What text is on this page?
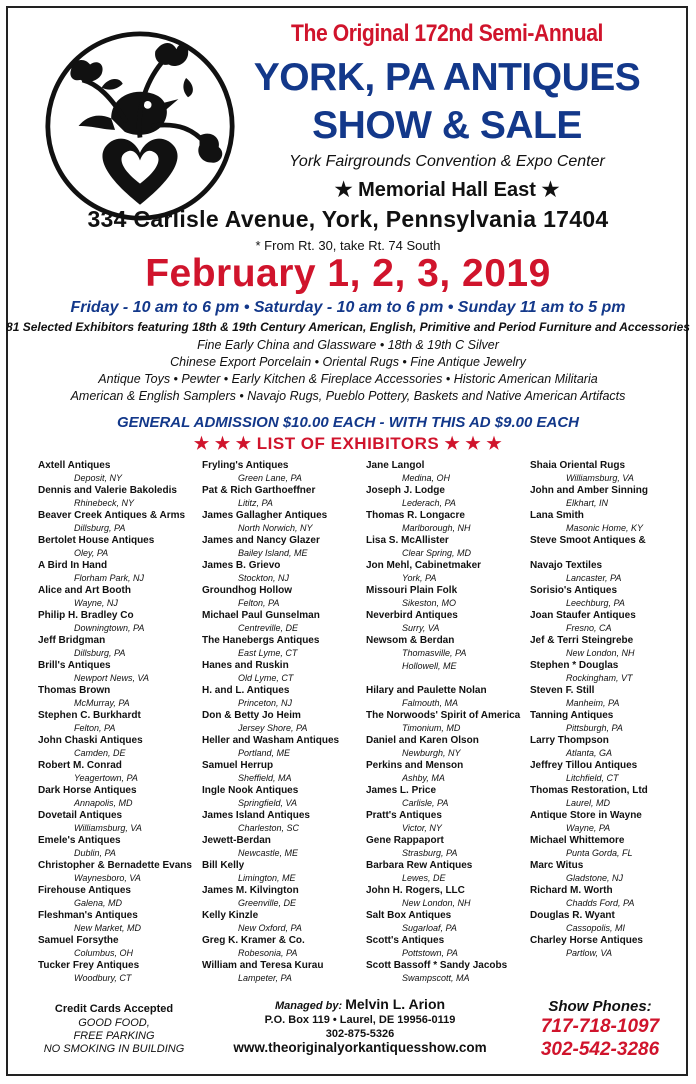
The Original 172nd Semi-Annual
YORK, PA ANTIQUES
SHOW & SALE
York Fairgrounds Convention & Expo Center
★ Memorial Hall East ★
334 Carlisle Avenue, York, Pennsylvania 17404
* From Rt. 30, take Rt. 74 South
February 1, 2, 3, 2019
Friday - 10 am to 6 pm • Saturday - 10 am to 6 pm • Sunday 11 am to 5 pm
81 Selected Exhibitors featuring 18th & 19th Century American, English, Primitive and Period Furniture and Accessories
Fine Early China and Glassware • 18th & 19th C Silver
Chinese Export Porcelain • Oriental Rugs • Fine Antique Jewelry
Antique Toys • Pewter • Early Kitchen & Fireplace Accessories • Historic American Militaria
American & English Samplers • Navajo Rugs, Pueblo Pottery, Baskets and Native American Artifacts
GENERAL ADMISSION $10.00 EACH - WITH THIS AD $9.00 EACH
★ ★ ★ LIST OF EXHIBITORS ★ ★ ★
Axtell Antiques
Deposit, NY
Dennis and Valerie Bakoledis
Rhinebeck, NY
Beaver Creek Antiques & Arms
Dillsburg, PA
Bertolet House Antiques
Oley, PA
A Bird In Hand
Florham Park, NJ
Alice and Art Booth
Wayne, NJ
Philip H. Bradley Co
Downingtown, PA
Jeff Bridgman
Dillsburg, PA
Brill's Antiques
Newport News, VA
Thomas Brown
McMurray, PA
Stephen C. Burkhardt
Felton, PA
John Chaski Antiques
Camden, DE
Robert M. Conrad
Yeagertown, PA
Dark Horse Antiques
Annapolis, MD
Dovetail Antiques
Williamsburg, VA
Emele's Antiques
Dublin, PA
Christopher & Bernadette Evans
Waynesboro, VA
Firehouse Antiques
Galena, MD
Fleshman's Antiques
New Market, MD
Samuel Forsythe
Columbus, OH
Tucker Frey Antiques
Woodbury, CT
Fryling's Antiques
Green Lane, PA
Pat & Rich Garthoeffner
Lititz, PA
James Gallagher Antiques
North Norwich, NY
James and Nancy Glazer
Bailey Island, ME
James B. Grievo
Stockton, NJ
Groundhog Hollow
Felton, PA
Michael Paul Gunselman
Centreville, DE
The Hanebergs Antiques
East Lyme, CT
Hanes and Ruskin
Old Lyme, CT
H. and L. Antiques
Princeton, NJ
Don & Betty Jo Heim
Jersey Shore, PA
Heller and Washam Antiques
Portland, ME
Samuel Herrup
Sheffield, MA
Ingle Nook Antiques
Springfield, VA
James Island Antiques
Charleston, SC
Jewett-Berdan
Newcastle, ME
Bill Kelly
Limington, ME
James M. Kilvington
Greenville, DE
Kelly Kinzle
New Oxford, PA
Greg K. Kramer & Co.
Robesonia, PA
William and Teresa Kurau
Lampeter, PA
Jane Langol
Medina, OH
Joseph J. Lodge
Lederach, PA
Thomas R. Longacre
Marlborough, NH
Lisa S. McAllister
Clear Spring, MD
Jon Mehl, Cabinetmaker
York, PA
Missouri Plain Folk
Sikeston, MO
Neverbird Antiques
Surry, VA
Newsom & Berdan
Thomasville, PA
Hollowell, ME
Hilary and Paulette Nolan
Falmouth, MA
The Norwoods' Spirit of America
Timonium, MD
Daniel and Karen Olson
Newburgh, NY
Perkins and Menson
Ashby, MA
James L. Price
Carlisle, PA
Pratt's Antiques
Victor, NY
Gene Rappaport
Strasburg, PA
Barbara Rew Antiques
Lewes, DE
John H. Rogers, LLC
New London, NH
Salt Box Antiques
Sugarloaf, PA
Scott's Antiques
Pottstown, PA
Scott Bassoff * Sandy Jacobs
Swampscott, MA
Shaia Oriental Rugs
Williamsburg, VA
John and Amber Sinning
Elkhart, IN
Lana Smith
Masonic Home, KY
Steve Smoot Antiques &
Navajo Textiles
Lancaster, PA
Sorisio's Antiques
Leechburg, PA
Joan Staufer Antiques
Fresno, CA
Jef & Terri Steingrebe
New London, NH
Stephen * Douglas
Rockingham, VT
Steven F. Still
Manheim, PA
Tanning Antiques
Pittsburgh, PA
Larry Thompson
Atlanta, GA
Jeffrey Tillou Antiques
Litchfield, CT
Thomas Restoration, Ltd
Laurel, MD
Antique Store in Wayne
Wayne, PA
Michael Whittemore
Punta Gorda, FL
Marc Witus
Gladstone, NJ
Richard M. Worth
Chadds Ford, PA
Douglas R. Wyant
Cassopolis, MI
Charley Horse Antiques
Partlow, VA
Credit Cards Accepted
GOOD FOOD,
FREE PARKING
NO SMOKING IN BUILDING
Managed by: Melvin L. Arion
P.O. Box 119 • Laurel, DE 19956-0119
302-875-5326
www.theoriginalyorkantiquesshow.com
Show Phones:
717-718-1097
302-542-3286
